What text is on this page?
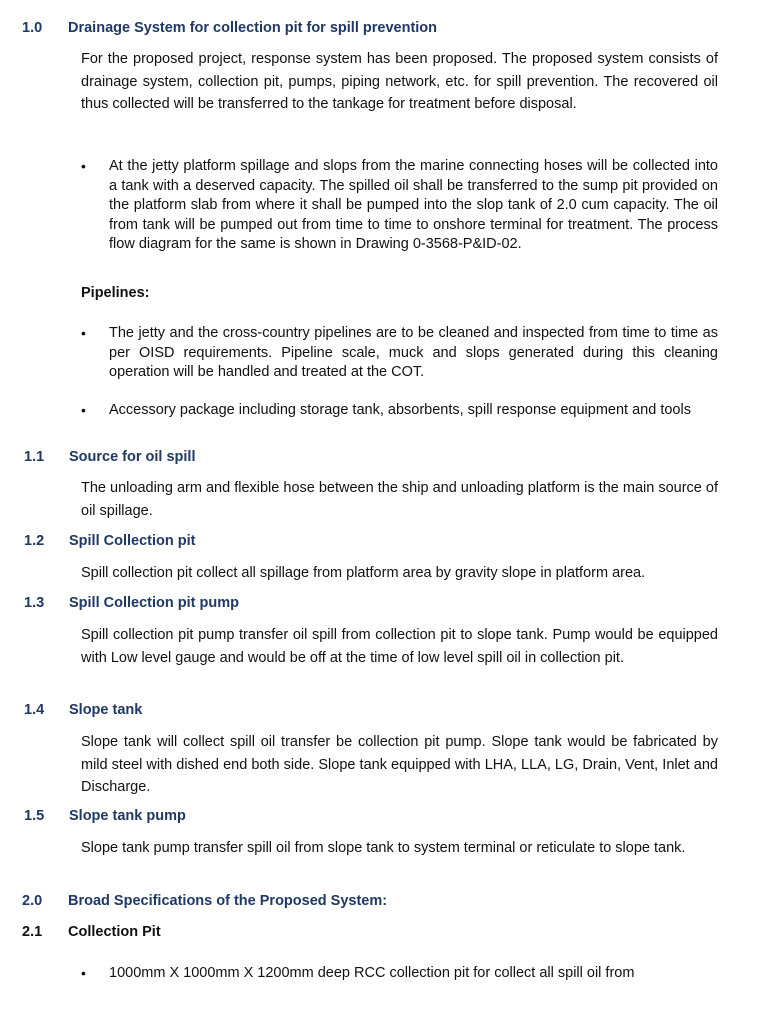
1.0 Drainage System for collection pit for spill prevention

For the proposed project, response system has been proposed. The proposed system consists of drainage system, collection pit, pumps, piping network, etc. for spill prevention. The recovered oil thus collected will be transferred to the tankage for treatment before disposal.

•	At the jetty platform spillage and slops from the marine connecting hoses will be collected into a tank with a deserved capacity. The spilled oil shall be transferred to the sump pit provided on the platform slab from where it shall be pumped into the slop tank of 2.0 cum capacity. The oil from tank will be pumped out from time to time to onshore terminal for treatment. The process flow diagram for the same is shown in Drawing 0-3568-P&ID-02.
Pipelines:
•	The jetty and the cross-country pipelines are to be cleaned and inspected from time to time as per OISD requirements. Pipeline scale, muck and slops generated during this cleaning operation will be handled and treated at the COT.
•	Accessory package including storage tank, absorbents, spill response equipment and tools
1.1 Source for oil spill

The unloading arm and flexible hose between the ship and unloading platform is the main source of oil spillage.

1.2 Spill Collection pit

Spill collection pit collect all spillage from platform area by gravity slope in platform area.

1.3 Spill Collection pit pump

Spill collection pit pump transfer oil spill from collection pit to slope tank. Pump would be equipped with Low level gauge and would be off at the time of low level spill oil in collection pit.

1.4 Slope tank

Slope tank will collect spill oil transfer be collection pit pump. Slope tank would be fabricated by mild steel with dished end both side. Slope tank equipped with LHA, LLA, LG, Drain, Vent, Inlet and Discharge.

1.5 Slope tank pump

Slope tank pump transfer spill oil from slope tank to system terminal or reticulate to slope tank.

2.0 Broad Specifications of the Proposed System:
2.1 Collection Pit
•	1000mm X 1000mm X 1200mm deep RCC collection pit for collect all spill oil from
